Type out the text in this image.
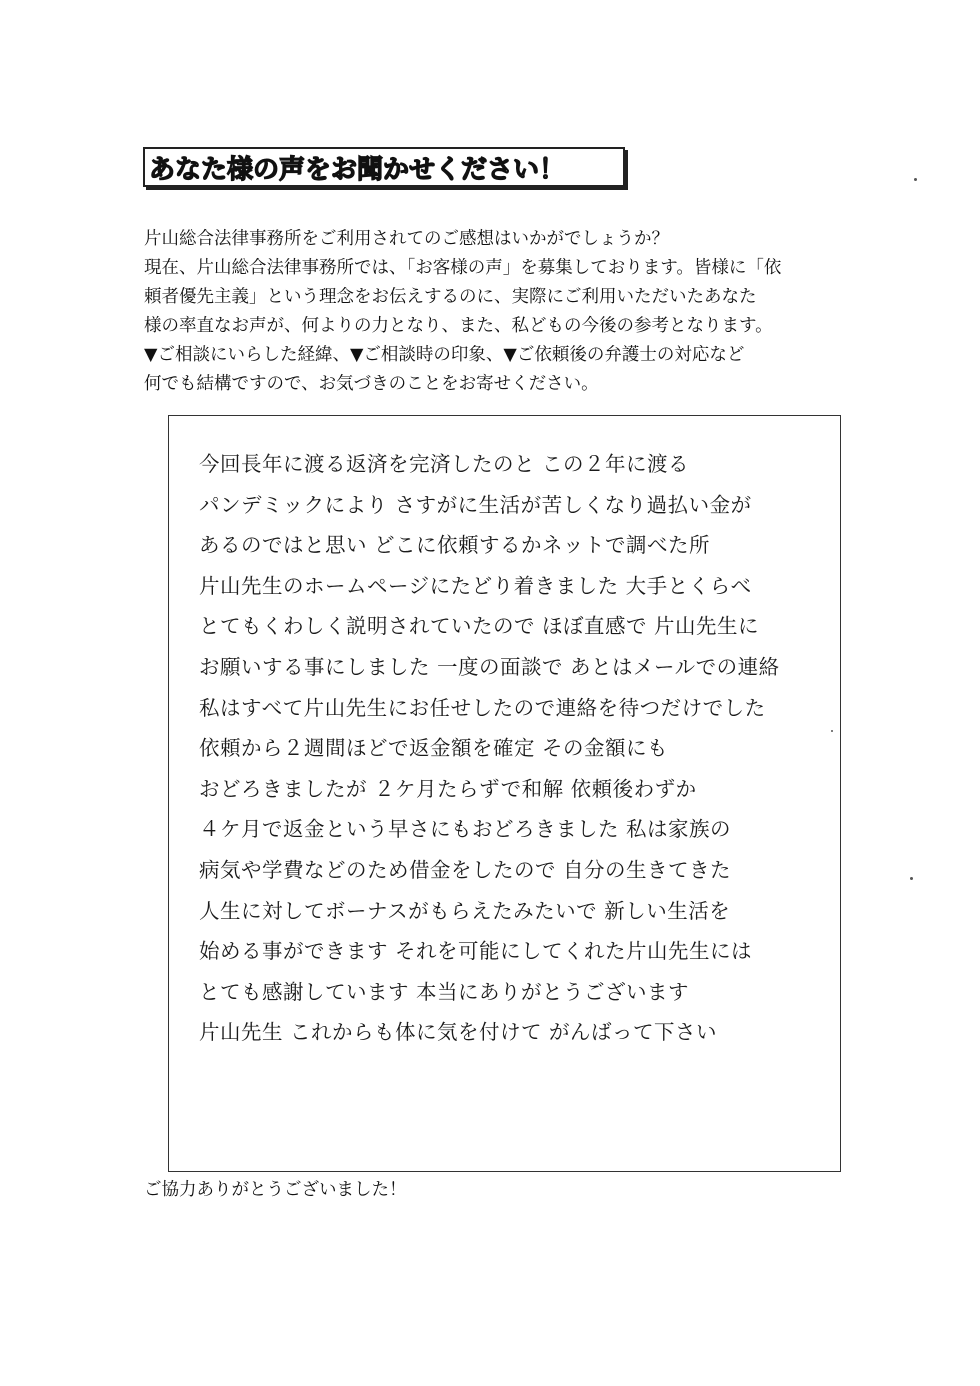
あなた様の声をお聞かせください！
片山総合法律事務所をご利用されてのご感想はいかがでしょうか？
現在、片山総合法律事務所では、「お客様の声」を募集しております。皆様に「依
頼者優先主義」という理念をお伝えするのに、実際にご利用いただいたあなた
様の率直なお声が、何よりの力となり、また、私どもの今後の参考となります。
▼ご相談にいらした経緯、▼ご相談時の印象、▼ご依頼後の弁護士の対応など
何でも結構ですので、お気づきのことをお寄せください。
今回長年に渡る返済を完済したのと この２年に渡る
パンデミックにより さすがに生活が苦しくなり過払い金が
あるのではと思い どこに依頼するかネットで調べた所
片山先生のホームページにたどり着きました 大手とくらべ
とてもくわしく説明されていたので ほぼ直感で 片山先生に
お願いする事にしました 一度の面談で あとはメールでの連絡
私はすべて片山先生にお任せしたので連絡を待つだけでした
依頼から２週間ほどで返金額を確定 その金額にも
おどろきましたが ２ケ月たらずで和解 依頼後わずか
４ケ月で返金という早さにもおどろきました 私は家族の
病気や学費などのため借金をしたので 自分の生きてきた
人生に対してボーナスがもらえたみたいで 新しい生活を
始める事ができます それを可能にしてくれた片山先生には
とても感謝しています 本当にありがとうございます
片山先生 これからも体に気を付けて がんばって下さい
ご協力ありがとうございました！
